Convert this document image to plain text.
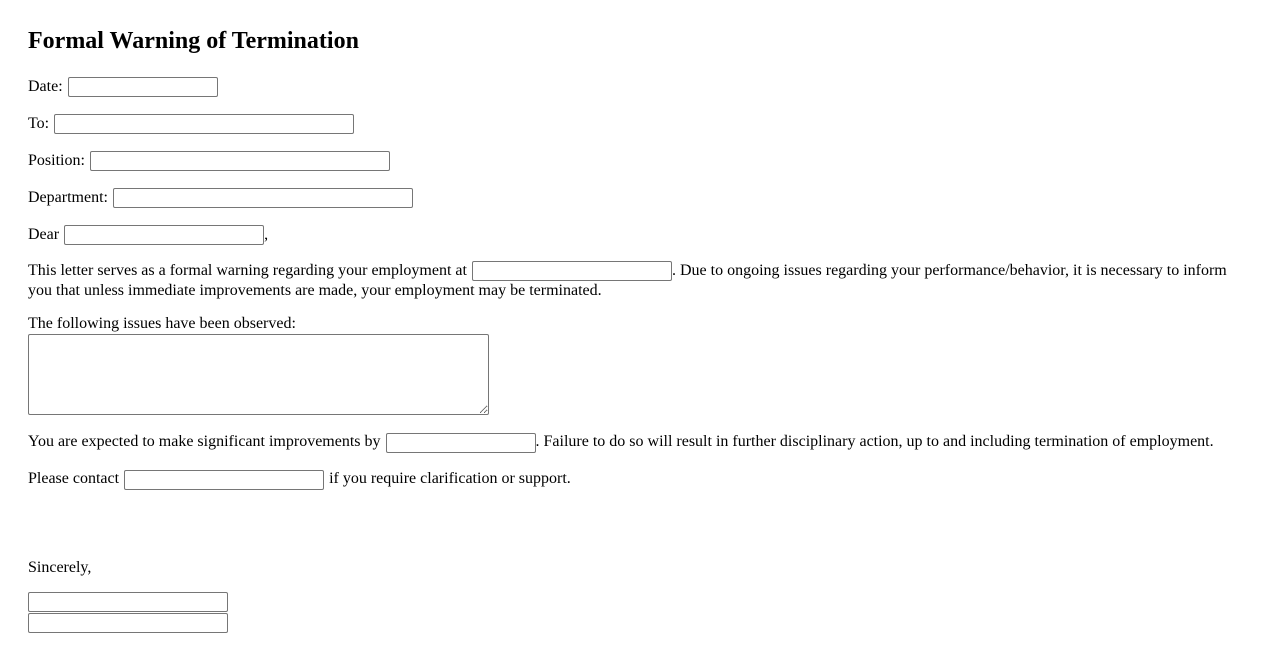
Formal Warning of Termination
Date:
To:
Position:
Department:
Dear	,
This letter serves as a formal warning regarding your employment at	. Due to ongoing issues regarding your performance/behavior, it is necessary to inform you that unless immediate improvements are made, your employment may be terminated.
The following issues have been observed:
You are expected to make significant improvements by	. Failure to do so will result in further disciplinary action, up to and including termination of employment.
Please contact	if you require clarification or support.
Sincerely,
